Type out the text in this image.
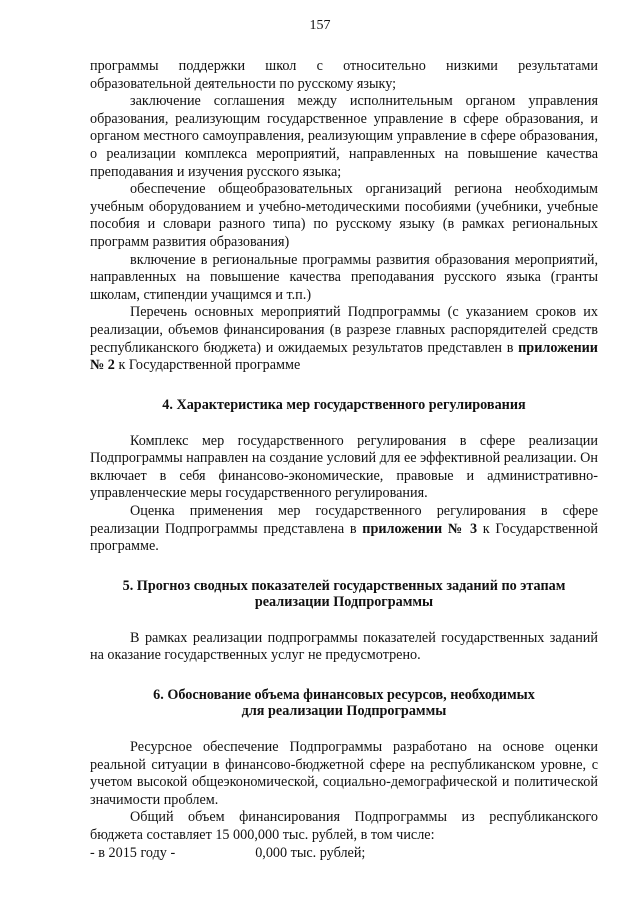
157

программы поддержки школ с относительно низкими результатами образовательной деятельности по русскому языку;

заключение соглашения между исполнительным органом управления образования, реализующим государственное управление в сфере образования, и органом местного самоуправления, реализующим управление в сфере образования, о реализации комплекса мероприятий, направленных на повышение качества преподавания и изучения русского языка;

обеспечение общеобразовательных организаций региона необходимым учебным оборудованием и учебно-методическими пособиями (учебники, учебные пособия и словари разного типа) по русскому языку (в рамках региональных программ развития образования)

включение в региональные программы развития образования мероприятий, направленных на повышение качества преподавания русского языка (гранты школам, стипендии учащимся и т.п.)

Перечень основных мероприятий Подпрограммы (с указанием сроков их реализации, объемов финансирования (в разрезе главных распорядителей средств республиканского бюджета) и ожидаемых результатов представлен в приложении № 2 к Государственной программе

4. Характеристика мер государственного регулирования

Комплекс мер государственного регулирования в сфере реализации Подпрограммы направлен на создание условий для ее эффективной реализации. Он включает в себя финансово-экономические, правовые и административно-управленческие меры государственного регулирования.

Оценка применения мер государственного регулирования в сфере реализации Подпрограммы представлена в приложении № 3 к Государственной программе.

5. Прогноз сводных показателей государственных заданий по этапам
реализации Подпрограммы

В рамках реализации подпрограммы показателей государственных заданий на оказание государственных услуг не предусмотрено.

6. Обоснование объема финансовых ресурсов, необходимых
для реализации Подпрограммы

Ресурсное обеспечение Подпрограммы разработано на основе оценки реальной ситуации в финансово-бюджетной сфере на республиканском уровне, с учетом высокой общеэкономической, социально-демографической и политической значимости проблем.

Общий объем финансирования Подпрограммы из республиканского бюджета составляет 15 000,000 тыс. рублей, в том числе:

- в 2015 году -	0,000 тыс. рублей;
